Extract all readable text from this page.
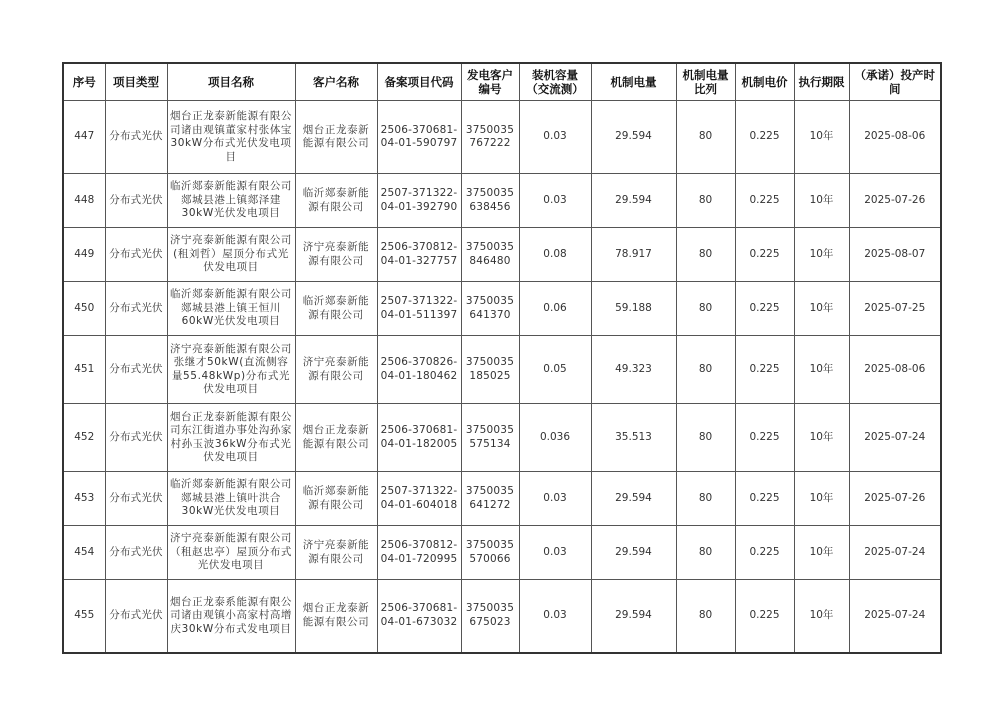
序号	项目类型	项目名称	客户名称	备案项目代码	发电客户编号	装机容量（交流测）	机制电量	机制电量比列	机制电价	执行期限	（承诺）投产时间
447	分布式光伏	烟台正龙泰新能源有限公司诸由观镇董家村张体宝30kW分布式光伏发电项目	烟台正龙泰新能源有限公司	2506-370681-04-01-590797	3750035767222	0.03	29.594	80	0.225	10年	2025-08-06
448	分布式光伏	临沂郯泰新能源有限公司郯城县港上镇郯泽建30kW光伏发电项目	临沂郯泰新能源有限公司	2507-371322-04-01-392790	3750035638456	0.03	29.594	80	0.225	10年	2025-07-26
449	分布式光伏	济宁亮泰新能源有限公司(租刘哲）屋顶分布式光伏发电项目	济宁亮泰新能源有限公司	2506-370812-04-01-327757	3750035846480	0.08	78.917	80	0.225	10年	2025-08-07
450	分布式光伏	临沂郯泰新能源有限公司郯城县港上镇王恒川60kW光伏发电项目	临沂郯泰新能源有限公司	2507-371322-04-01-511397	3750035641370	0.06	59.188	80	0.225	10年	2025-07-25
451	分布式光伏	济宁亮泰新能源有限公司张继才50kW(直流侧容量55.48kWp)分布式光伏发电项目	济宁亮泰新能源有限公司	2506-370826-04-01-180462	3750035185025	0.05	49.323	80	0.225	10年	2025-08-06
452	分布式光伏	烟台正龙泰新能源有限公司东江街道办事处沟孙家村孙玉波36kW分布式光伏发电项目	烟台正龙泰新能源有限公司	2506-370681-04-01-182005	3750035575134	0.036	35.513	80	0.225	10年	2025-07-24
453	分布式光伏	临沂郯泰新能源有限公司郯城县港上镇叶洪合30kW光伏发电项目	临沂郯泰新能源有限公司	2507-371322-04-01-604018	3750035641272	0.03	29.594	80	0.225	10年	2025-07-26
454	分布式光伏	济宁亮泰新能源有限公司（租赵忠亭）屋顶分布式光伏发电项目	济宁亮泰新能源有限公司	2506-370812-04-01-720995	3750035570066	0.03	29.594	80	0.225	10年	2025-07-24
455	分布式光伏	烟台正龙泰系能源有限公司诸由观镇小高家村高增庆30kW分布式发电项目	烟台正龙泰新能源有限公司	2506-370681-04-01-673032	3750035675023	0.03	29.594	80	0.225	10年	2025-07-24
